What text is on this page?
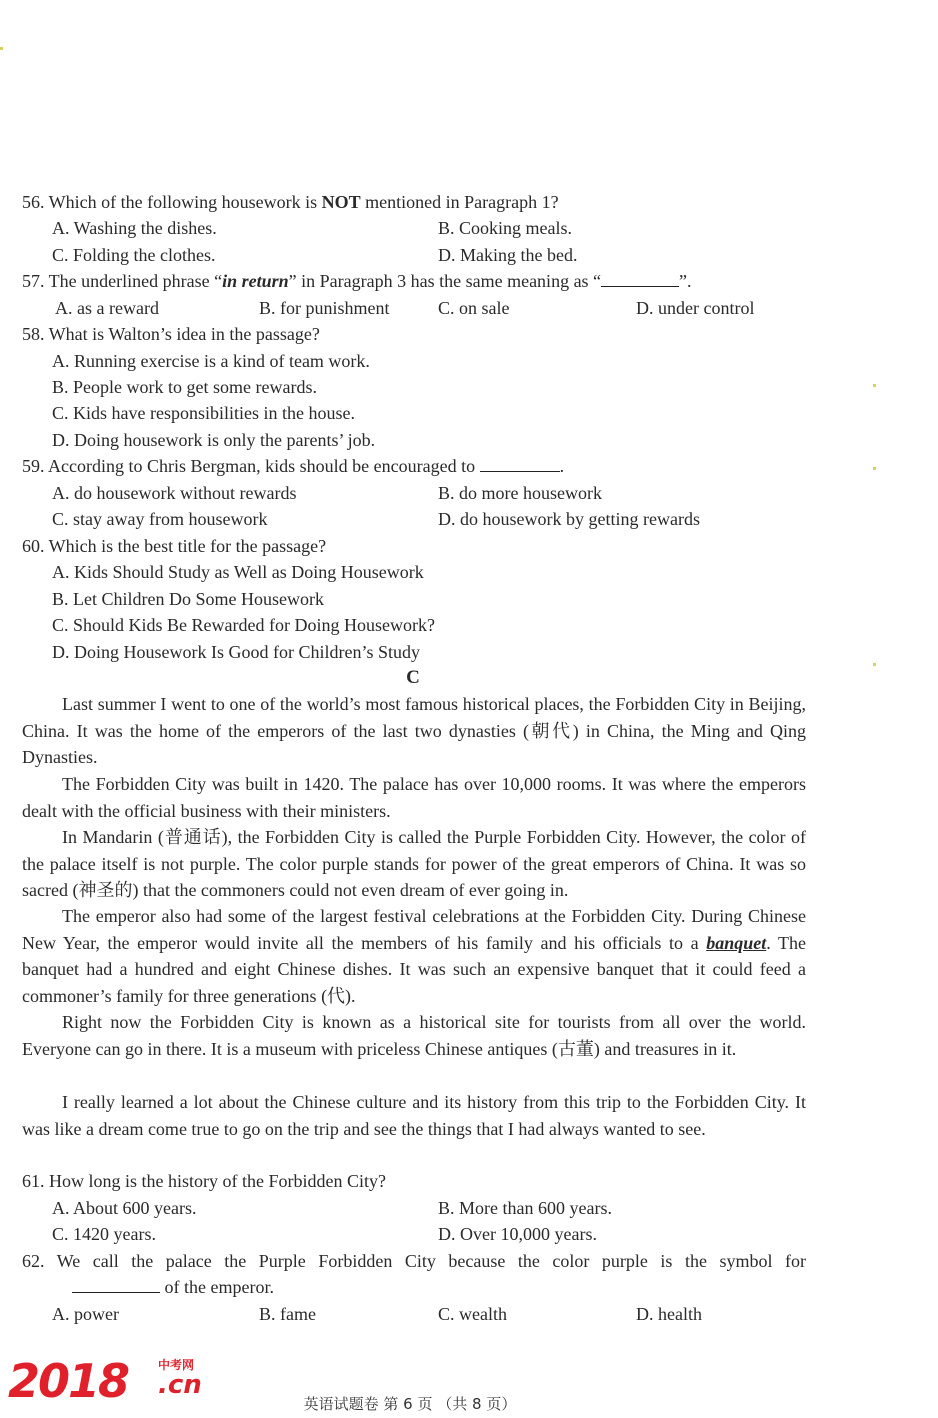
56. Which of the following housework is NOT mentioned in Paragraph 1?
A. Washing the dishes.	B. Cooking meals.
C. Folding the clothes.	D. Making the bed.
57. The underlined phrase “in return” in Paragraph 3 has the same meaning as “	”.
A. as a reward	B. for punishment	C. on sale	D. under control
58. What is Walton’s idea in the passage?
A. Running exercise is a kind of team work.
B. People work to get some rewards.
C. Kids have responsibilities in the house.
D. Doing housework is only the parents’ job.
59. According to Chris Bergman, kids should be encouraged to	.
A. do housework without rewards	B. do more housework
C. stay away from housework	D. do housework by getting rewards
60. Which is the best title for the passage?
A. Kids Should Study as Well as Doing Housework
B. Let Children Do Some Housework
C. Should Kids Be Rewarded for Doing Housework?
D. Doing Housework Is Good for Children’s Study
C
Last summer I went to one of the world’s most famous historical places, the Forbidden City in Beijing, China. It was the home of the emperors of the last two dynasties (朝代) in China, the Ming and Qing Dynasties.
The Forbidden City was built in 1420. The palace has over 10,000 rooms. It was where the emperors dealt with the official business with their ministers.
In Mandarin (普通话), the Forbidden City is called the Purple Forbidden City. However, the color of the palace itself is not purple. The color purple stands for power of the great emperors of China. It was so sacred (神圣的) that the commoners could not even dream of ever going in.
The emperor also had some of the largest festival celebrations at the Forbidden City. During Chinese New Year, the emperor would invite all the members of his family and his officials to a banquet. The banquet had a hundred and eight Chinese dishes. It was such an expensive banquet that it could feed a commoner’s family for three generations (代).
Right now the Forbidden City is known as a historical site for tourists from all over the world. Everyone can go in there. It is a museum with priceless Chinese antiques (古董) and treasures in it.
I really learned a lot about the Chinese culture and its history from this trip to the Forbidden City. It was like a dream come true to go on the trip and see the things that I had always wanted to see.
61. How long is the history of the Forbidden City?
A. About 600 years.	B. More than 600 years.
C. 1420 years.	D. Over 10,000 years.
62. We call the palace the Purple Forbidden City because the color purple is the symbol for
of the emperor.
A. power	B. fame	C. wealth	D. health
2018 中考网
.cn
英语试题卷 第 6 页 （共 8 页）
